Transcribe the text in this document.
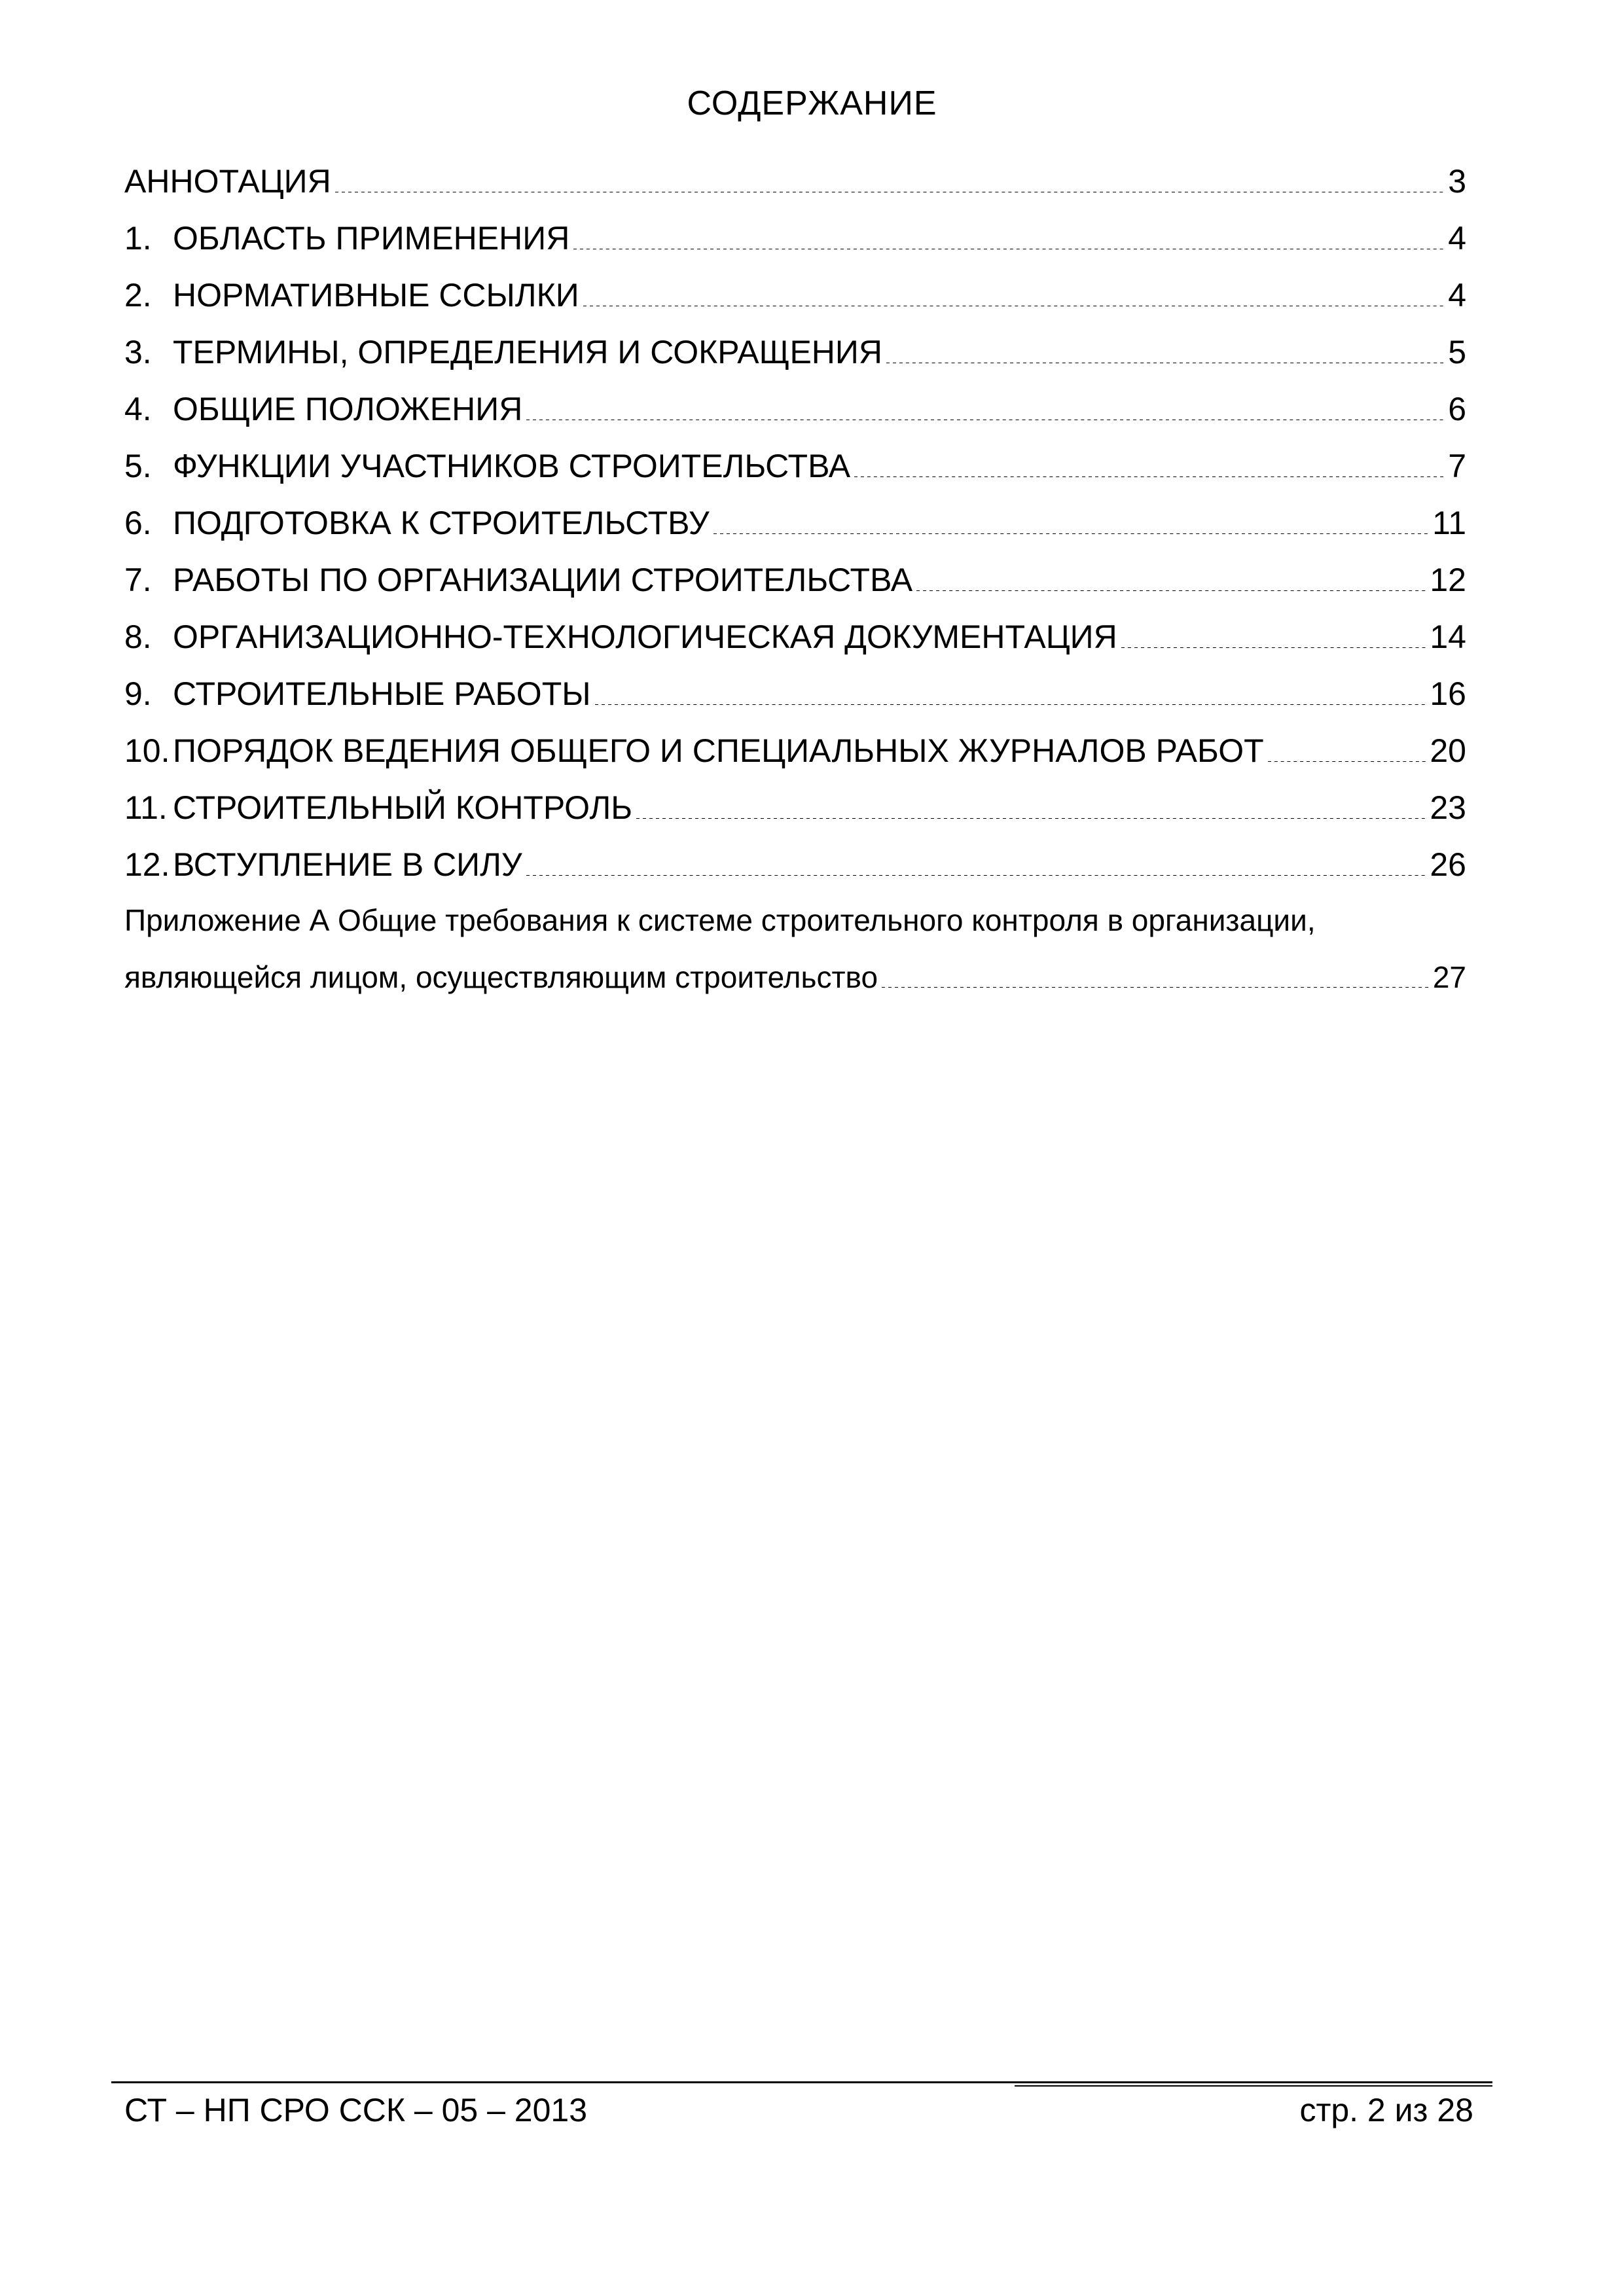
СОДЕРЖАНИЕ
АННОТАЦИЯ	3
1. ОБЛАСТЬ ПРИМЕНЕНИЯ	4
2. НОРМАТИВНЫЕ ССЫЛКИ	4
3. ТЕРМИНЫ, ОПРЕДЕЛЕНИЯ И СОКРАЩЕНИЯ	5
4. ОБЩИЕ ПОЛОЖЕНИЯ	6
5. ФУНКЦИИ УЧАСТНИКОВ СТРОИТЕЛЬСТВА	7
6. ПОДГОТОВКА К СТРОИТЕЛЬСТВУ	11
7. РАБОТЫ ПО ОРГАНИЗАЦИИ СТРОИТЕЛЬСТВА	12
8. ОРГАНИЗАЦИОННО-ТЕХНОЛОГИЧЕСКАЯ ДОКУМЕНТАЦИЯ	14
9. СТРОИТЕЛЬНЫЕ РАБОТЫ	16
10. ПОРЯДОК ВЕДЕНИЯ ОБЩЕГО И СПЕЦИАЛЬНЫХ ЖУРНАЛОВ РАБОТ	20
11. СТРОИТЕЛЬНЫЙ КОНТРОЛЬ	23
12. ВСТУПЛЕНИЕ В СИЛУ	26
Приложение А Общие требования к системе строительного контроля в организации,
являющейся лицом, осуществляющим строительство	27
СТ – НП СРО ССК – 05 – 2013	стр. 2 из 28
